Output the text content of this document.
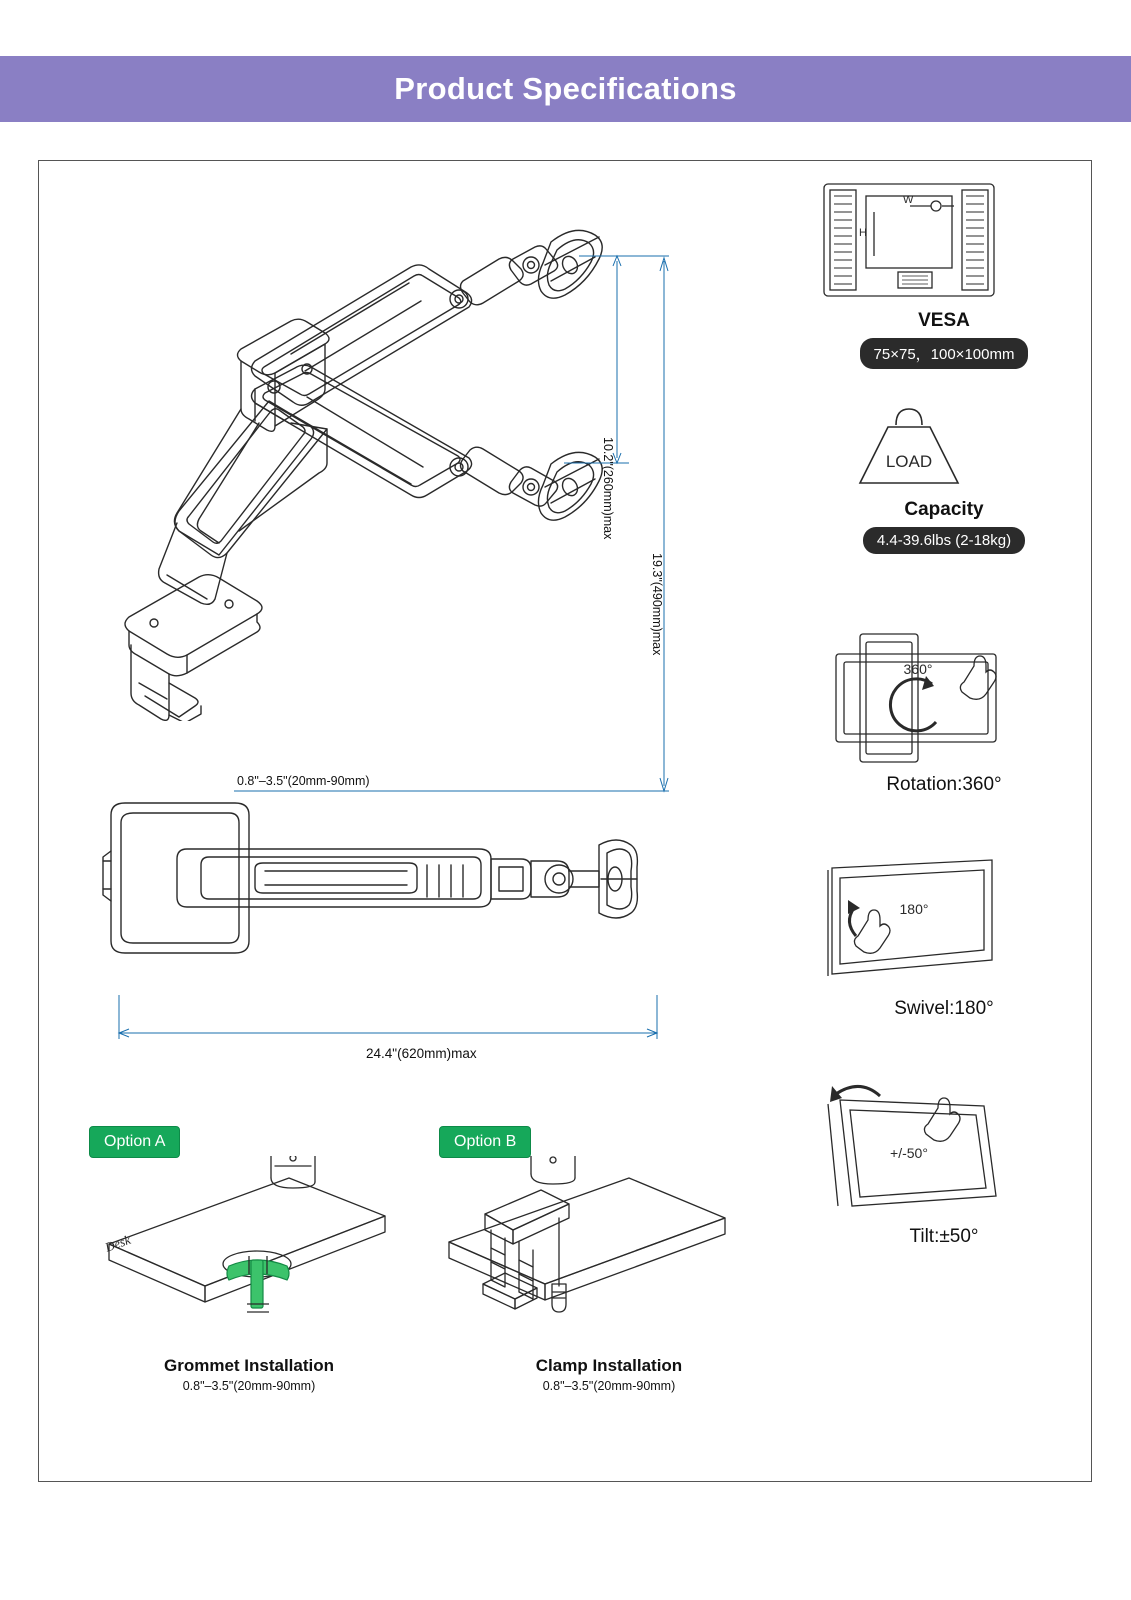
Product Specifications
10.2"(260mm)max
19.3"(490mm)max
0.8"–3.5"(20mm-90mm)
24.4"(620mm)max
Option A
Desk
Grommet Installation
0.8"–3.5"(20mm-90mm)
Option B
Clamp Installation
0.8"–3.5"(20mm-90mm)
W
H
VESA
75×75，100×100mm
LOAD
Capacity
4.4-39.6lbs (2-18kg)
360°
Rotation:360°
180°
Swivel:180°
+/-50°
Tilt:±50°
